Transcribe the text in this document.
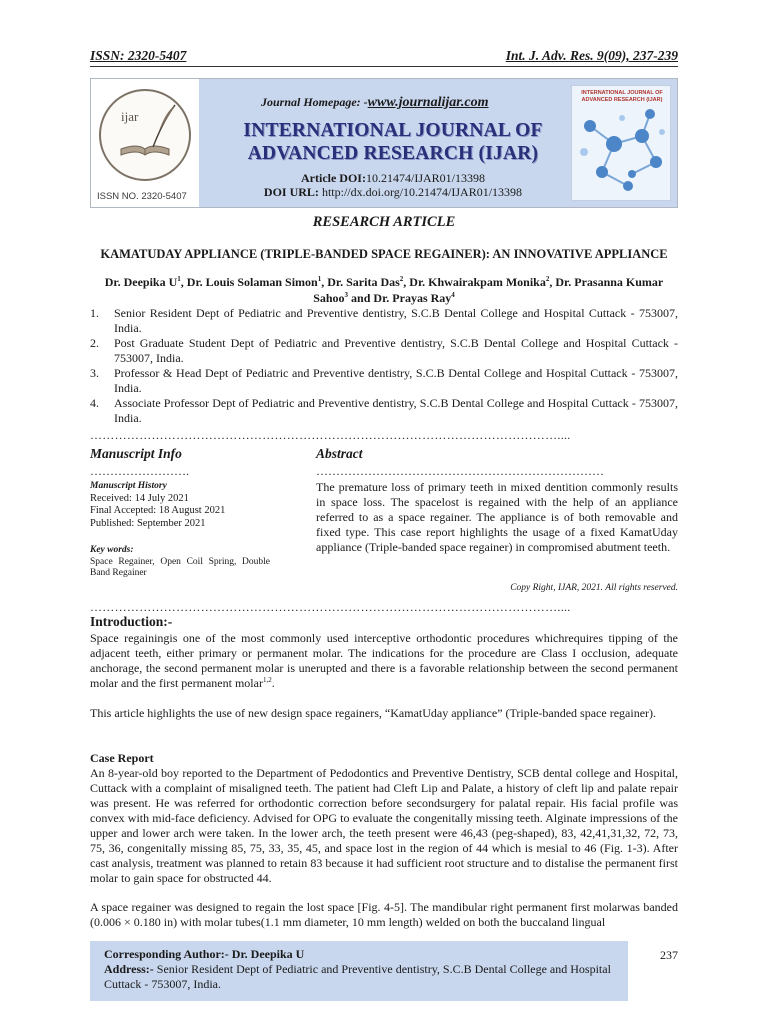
ISSN: 2320-5407	Int. J. Adv. Res. 9(09), 237-239
ijar
ISSN NO. 2320-5407
Journal Homepage: -www.journalijar.com
INTERNATIONAL JOURNAL OF
ADVANCED RESEARCH (IJAR)
Article DOI:10.21474/IJAR01/13398
DOI URL: http://dx.doi.org/10.21474/IJAR01/13398
INTERNATIONAL JOURNAL OF ADVANCED RESEARCH (IJAR)
RESEARCH ARTICLE
KAMATUDAY APPLIANCE (TRIPLE-BANDED SPACE REGAINER): AN INNOVATIVE APPLIANCE
Dr. Deepika $U^1$, Dr. Louis Solaman Simon$^1$, Dr. Sarita Das$^2$, Dr. Khwairakpam Monika$^2$, Dr. Prasanna Kumar Sahoo$^3$ and Dr. Prayas Ray$^4$
1.	Senior Resident Dept of Pediatric and Preventive dentistry, S.C.B Dental College and Hospital Cuttack - 753007, India.
2.	Post Graduate Student Dept of Pediatric and Preventive dentistry, S.C.B Dental College and Hospital Cuttack - 753007, India.
3.	Professor & Head Dept of Pediatric and Preventive dentistry, S.C.B Dental College and Hospital Cuttack - 753007, India.
4.	Associate Professor Dept of Pediatric and Preventive dentistry, S.C.B Dental College and Hospital Cuttack - 753007, India.
……………………………………………………………………………………………………....
Manuscript Info	Abstract
…………………….	………………………………………………………………
Manuscript History
Received: 14 July 2021
Final Accepted: 18 August 2021
Published: September 2021
Key words:
Space Regainer, Open Coil Spring, Double Band Regainer
The premature loss of primary teeth in mixed dentition commonly results in space loss. The spacelost is regained with the help of an appliance referred to as a space regainer. The appliance is of both removable and fixed type. This case report highlights the usage of a fixed KamatUday appliance (Triple-banded space regainer) in compromised abutment teeth.
Copy Right, IJAR, 2021. All rights reserved.
……………………………………………………………………………………………………....
Introduction:-
Space regainingis one of the most commonly used interceptive orthodontic procedures whichrequires tipping of the adjacent teeth, either primary or permanent molar. The indications for the procedure are Class I occlusion, adequate anchorage, the second permanent molar is unerupted and there is a favorable relationship between the second permanent molar and the first permanent molar$^{1,2}$.
This article highlights the use of new design space regainers, “KamatUday appliance” (Triple-banded space regainer).
Case Report
An 8-year-old boy reported to the Department of Pedodontics and Preventive Dentistry, SCB dental college and Hospital, Cuttack with a complaint of misaligned teeth. The patient had Cleft Lip and Palate, a history of cleft lip and palate repair was present. He was referred for orthodontic correction before secondsurgery for palatal repair. His facial profile was convex with mid-face deficiency. Advised for OPG to evaluate the congenitally missing teeth. Alginate impressions of the upper and lower arch were taken. In the lower arch, the teeth present were 46,43 (peg-shaped), 83, 42,41,31,32, 72, 73, 75, 36, congenitally missing 85, 75, 33, 35, 45, and space lost in the region of 44 which is mesial to 46 (Fig. 1-3). After cast analysis, treatment was planned to retain 83 because it had sufficient root structure and to distalise the permanent first molar to gain space for obstructed 44.
A space regainer was designed to regain the lost space [Fig. 4-5]. The mandibular right permanent first molarwas banded (0.006 × 0.180 in) with molar tubes(1.1 mm diameter, 10 mm length) welded on both the buccaland lingual
Corresponding Author:- Dr. Deepika U
Address:- Senior Resident Dept of Pediatric and Preventive dentistry, S.C.B Dental College and Hospital Cuttack - 753007, India.
237
